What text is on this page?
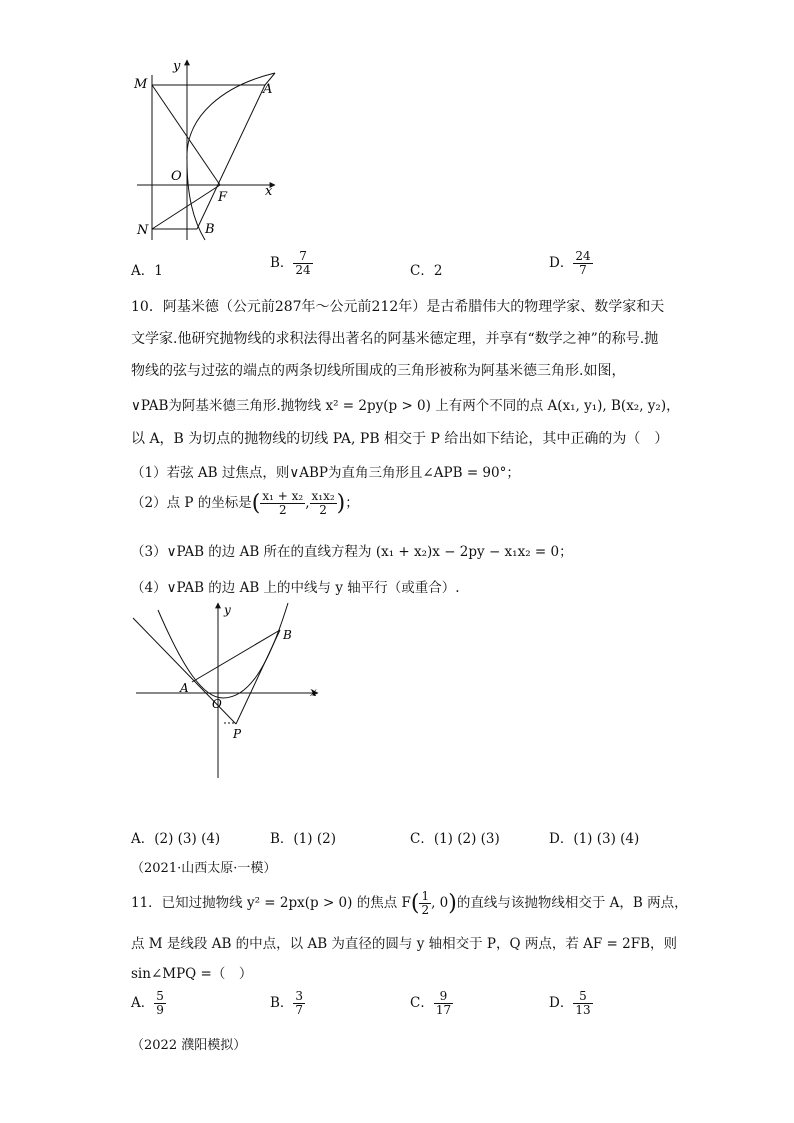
y
M	A
O
F	x
N	B
A．1	B． $\frac{7}{24}$	C．2	D． $\frac{24}{7}$
10．阿基米德（公元前287年～公元前212年）是古希腊伟大的物理学家、数学家和天
文学家.他研究抛物线的求积法得出著名的阿基米德定理，并享有“数学之神”的称号.抛
物线的弦与过弦的端点的两条切线所围成的三角形被称为阿基米德三角形.如图，
∨PAB为阿基米德三角形.抛物线 x² = 2py(p > 0) 上有两个不同的点 A(x₁, y₁), B(x₂, y₂)，
以 A，B 为切点的抛物线的切线 PA, PB 相交于 P 给出如下结论，其中正确的为（　）
（1）若弦 AB 过焦点，则∨ABP为直角三角形且∠APB = 90°；
（2）点 P 的坐标是( $\frac{\text{x₁ + x₂}}{2}$ , $\frac{\text{x₁x₂}}{2}$ )；
（3）∨PAB 的边 AB 所在的直线方程为 (x₁ + x₂)x − 2py − x₁x₂ = 0；
（4）∨PAB 的边 AB 上的中线与 y 轴平行（或重合）.
y
B
A
O
x
P
A．(2) (3) (4)	B．(1) (2)	C．(1) (2) (3)	D．(1) (3) (4)
（2021·山西太原·一模）
11．已知过抛物线 y² = 2px(p > 0) 的焦点 $F( \frac{1}{2}$ , 0)的直线与该抛物线相交于 A，B 两点，
点 M 是线段 AB 的中点，以 AB 为直径的圆与 y 轴相交于 P，Q 两点，若 AF = 2FB，则
sin∠MPQ =（　）
A． $\frac{5}{9}$	B． $\frac{3}{7}$	C． $\frac{9}{17}$	D． $\frac{5}{13}$
（2022 濮阳模拟）
